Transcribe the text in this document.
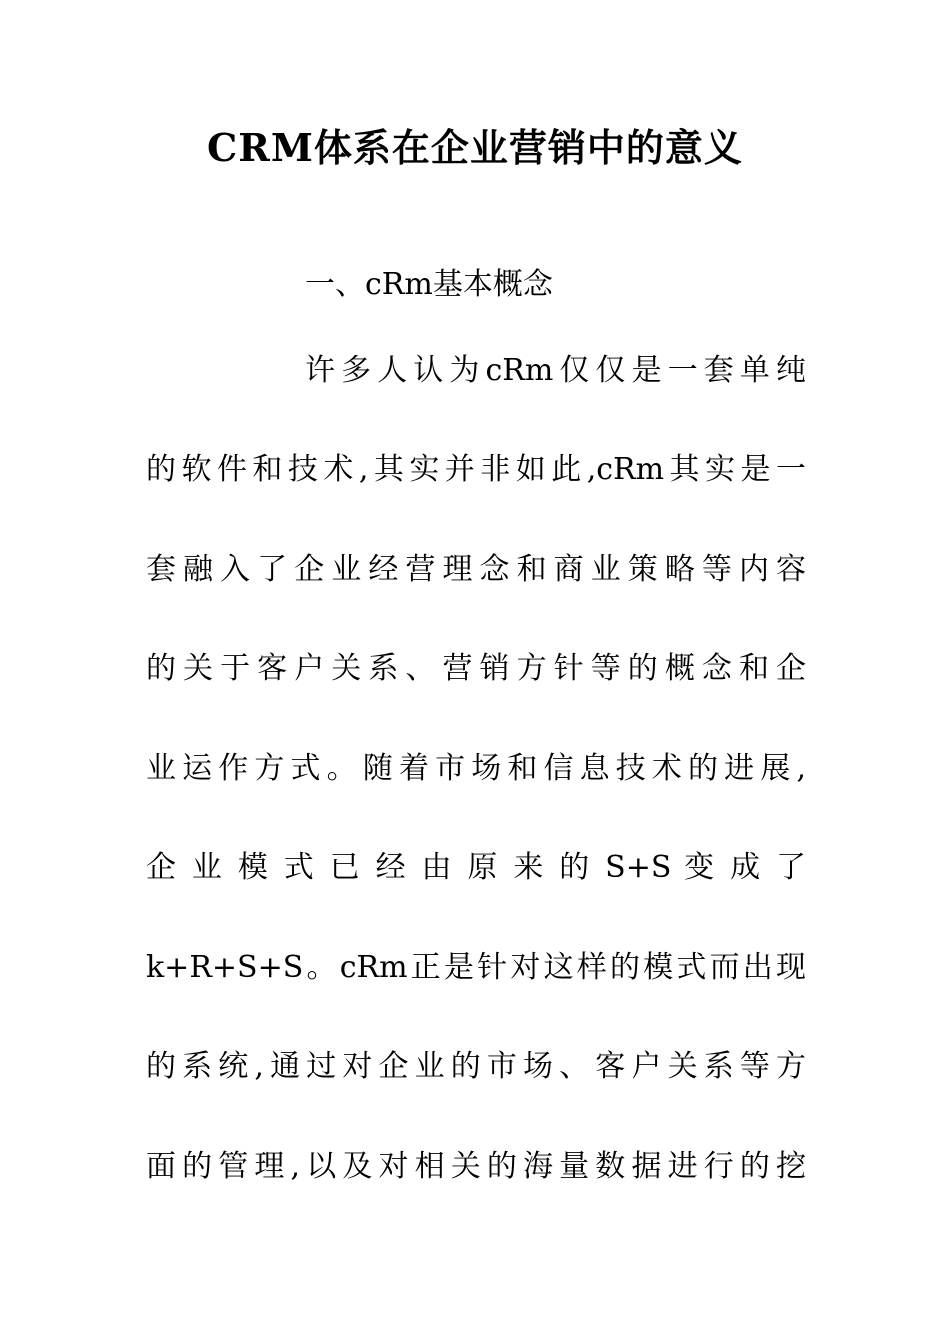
CRM体系在企业营销中的意义
一、cRm基本概念
许多人认为cRm仅仅是一套单纯
的软件和技术,其实并非如此,cRm其实是一
套融入了企业经营理念和商业策略等内容
的关于客户关系、营销方针等的概念和企
业运作方式。随着市场和信息技术的进展,
企 业 模 式 已 经 由 原 来 的 S+S 变 成 了
k+R+S+S。cRm正是针对这样的模式而出现
的系统,通过对企业的市场、客户关系等方
面的管理,以及对相关的海量数据进行的挖
